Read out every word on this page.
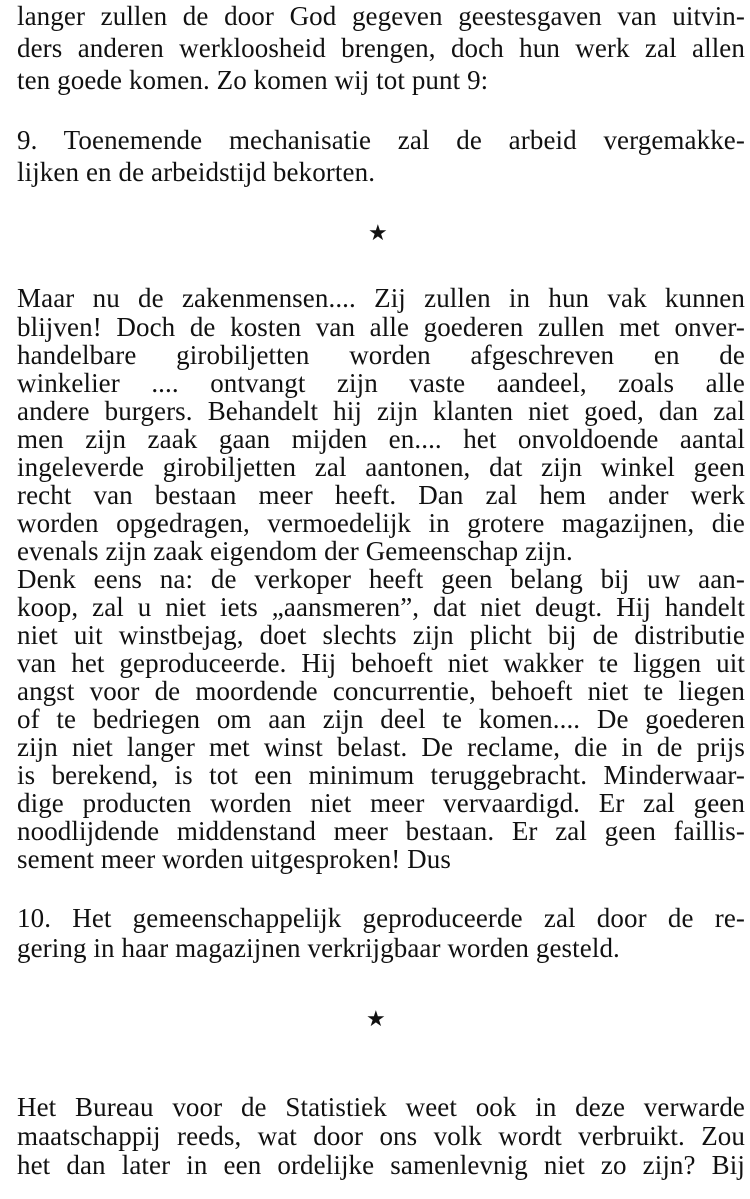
langer zullen de door God gegeven geestesgaven van uitvin-
ders anderen werkloosheid brengen, doch hun werk zal allen
ten goede komen. Zo komen wij tot punt 9:
9. Toenemende mechanisatie zal de arbeid vergemakke-
lijken en de arbeidstijd bekorten.
★
Maar nu de zakenmensen.... Zij zullen in hun vak kunnen
blijven! Doch de kosten van alle goederen zullen met onver-
handelbare girobiljetten worden afgeschreven en de
winkelier .... ontvangt zijn vaste aandeel, zoals alle
andere burgers. Behandelt hij zijn klanten niet goed, dan zal
men zijn zaak gaan mijden en.... het onvoldoende aantal
ingeleverde girobiljetten zal aantonen, dat zijn winkel geen
recht van bestaan meer heeft. Dan zal hem ander werk
worden opgedragen, vermoedelijk in grotere magazijnen, die
evenals zijn zaak eigendom der Gemeenschap zijn.
Denk eens na: de verkoper heeft geen belang bij uw aan-
koop, zal u niet iets „aansmeren”, dat niet deugt. Hij handelt
niet uit winstbejag, doet slechts zijn plicht bij de distributie
van het geproduceerde. Hij behoeft niet wakker te liggen uit
angst voor de moordende concurrentie, behoeft niet te liegen
of te bedriegen om aan zijn deel te komen.... De goederen
zijn niet langer met winst belast. De reclame, die in de prijs
is berekend, is tot een minimum teruggebracht. Minderwaar-
dige producten worden niet meer vervaardigd. Er zal geen
noodlijdende middenstand meer bestaan. Er zal geen faillis-
sement meer worden uitgesproken! Dus
10. Het gemeenschappelijk geproduceerde zal door de re-
gering in haar magazijnen verkrijgbaar worden gesteld.
★
Het Bureau voor de Statistiek weet ook in deze verwarde
maatschappij reeds, wat door ons volk wordt verbruikt. Zou
het dan later in een ordelijke samenlevnig niet zo zijn? Bij
